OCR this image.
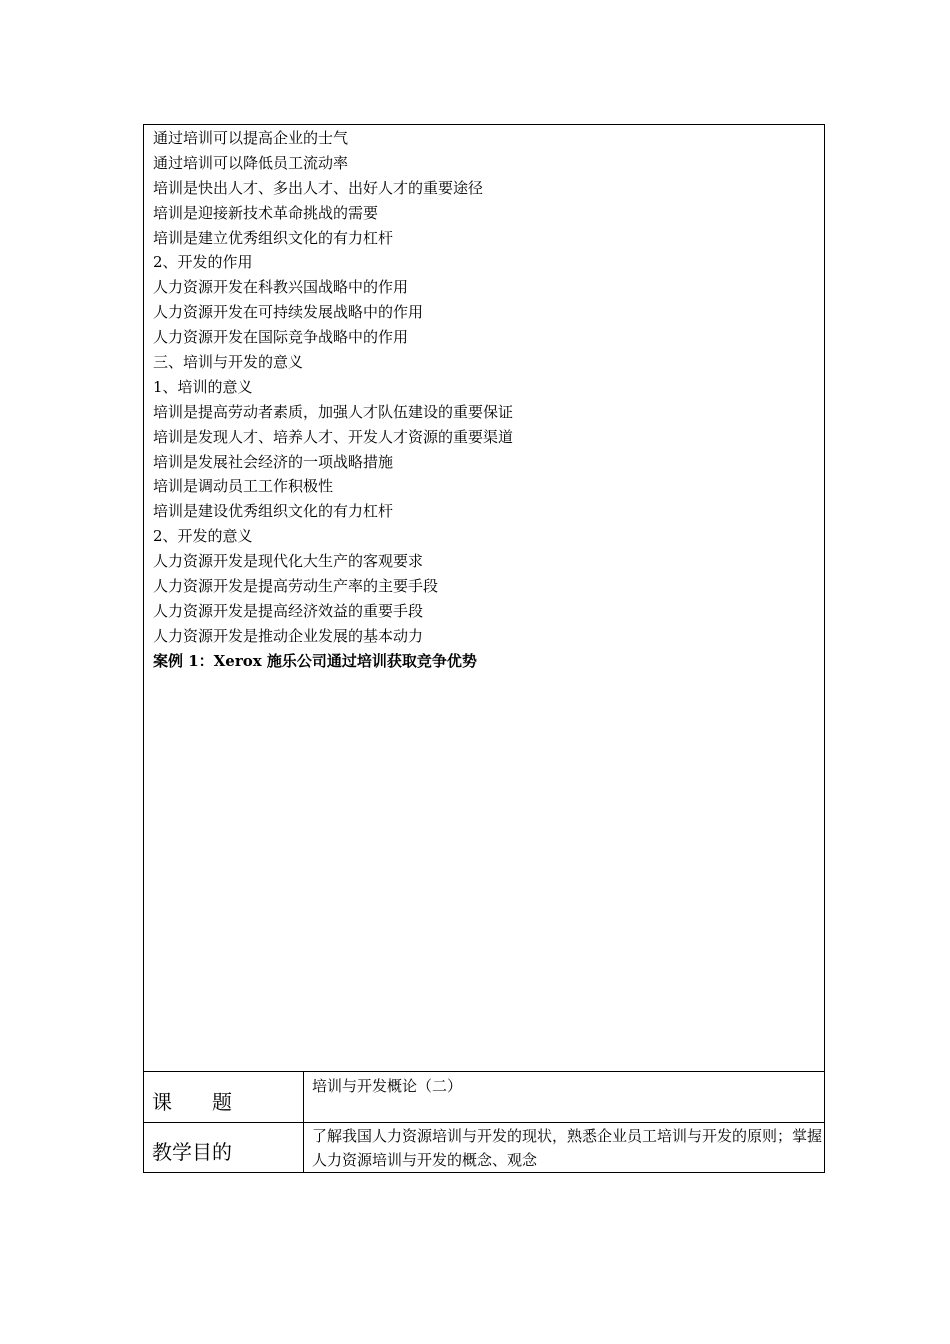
通过培训可以提高企业的士气
通过培训可以降低员工流动率
培训是快出人才、多出人才、出好人才的重要途径
培训是迎接新技术革命挑战的需要
培训是建立优秀组织文化的有力杠杆
2、开发的作用
人力资源开发在科教兴国战略中的作用
人力资源开发在可持续发展战略中的作用
人力资源开发在国际竞争战略中的作用
三、培训与开发的意义
1、培训的意义
培训是提高劳动者素质，加强人才队伍建设的重要保证
培训是发现人才、培养人才、开发人才资源的重要渠道
培训是发展社会经济的一项战略措施
培训是调动员工工作积极性
培训是建设优秀组织文化的有力杠杆
2、开发的意义
人力资源开发是现代化大生产的客观要求
人力资源开发是提高劳动生产率的主要手段
人力资源开发是提高经济效益的重要手段
人力资源开发是推动企业发展的基本动力
案例 1：Xerox 施乐公司通过培训获取竞争优势
课　　题
培训与开发概论（二）
教学目的
了解我国人力资源培训与开发的现状，熟悉企业员工培训与开发的原则；掌握人力资源培训与开发的概念、观念
